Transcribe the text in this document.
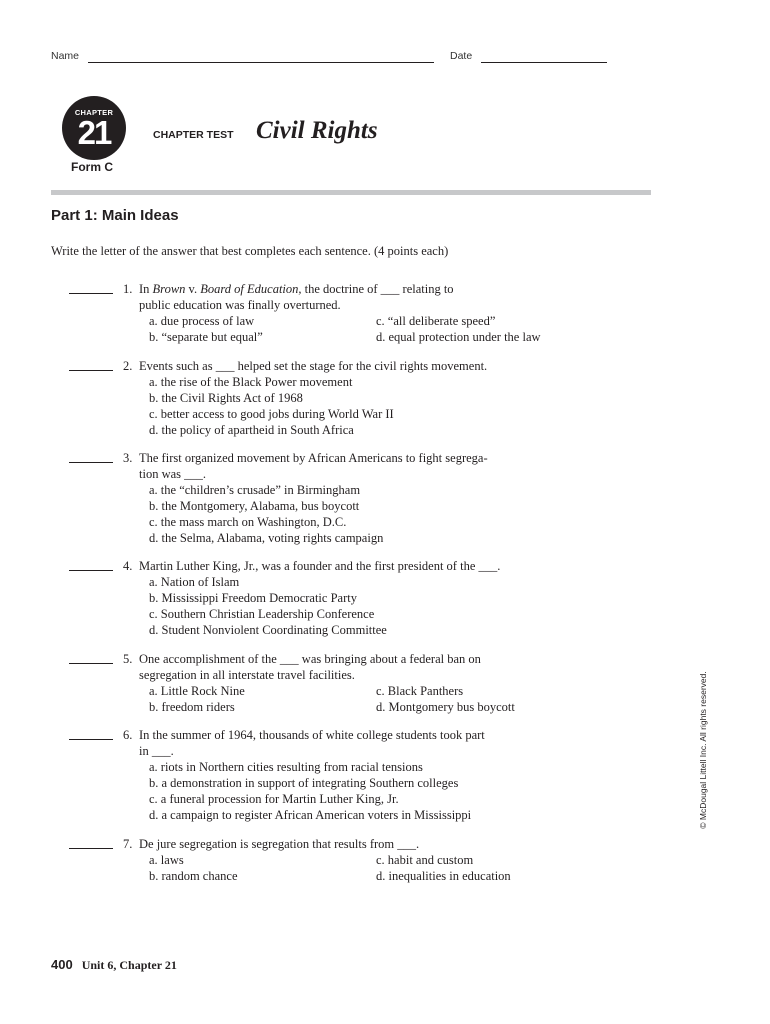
Name	Date
CHAPTER
21
Form C
CHAPTER TEST Civil Rights
Part 1: Main Ideas
Write the letter of the answer that best completes each sentence. (4 points each)
1. In Brown v. Board of Education, the doctrine of ___ relating to
public education was finally overturned.
a. due process of law
b. “separate but equal”
c. “all deliberate speed”
d. equal protection under the law
2. Events such as ___ helped set the stage for the civil rights movement.
a. the rise of the Black Power movement
b. the Civil Rights Act of 1968
c. better access to good jobs during World War II
d. the policy of apartheid in South Africa
3. The first organized movement by African Americans to fight segrega-
tion was ___.
a. the “children’s crusade” in Birmingham
b. the Montgomery, Alabama, bus boycott
c. the mass march on Washington, D.C.
d. the Selma, Alabama, voting rights campaign
4. Martin Luther King, Jr., was a founder and the first president of the ___.
a. Nation of Islam
b. Mississippi Freedom Democratic Party
c. Southern Christian Leadership Conference
d. Student Nonviolent Coordinating Committee
5. One accomplishment of the ___ was bringing about a federal ban on
segregation in all interstate travel facilities.
a. Little Rock Nine
b. freedom riders
c. Black Panthers
d. Montgomery bus boycott
6. In the summer of 1964, thousands of white college students took part
in ___.
a. riots in Northern cities resulting from racial tensions
b. a demonstration in support of integrating Southern colleges
c. a funeral procession for Martin Luther King, Jr.
d. a campaign to register African American voters in Mississippi
7. De jure segregation is segregation that results from ___.
a. laws
b. random chance
c. habit and custom
d. inequalities in education
© McDougal Littell Inc. All rights reserved.
400 Unit 6, Chapter 21
